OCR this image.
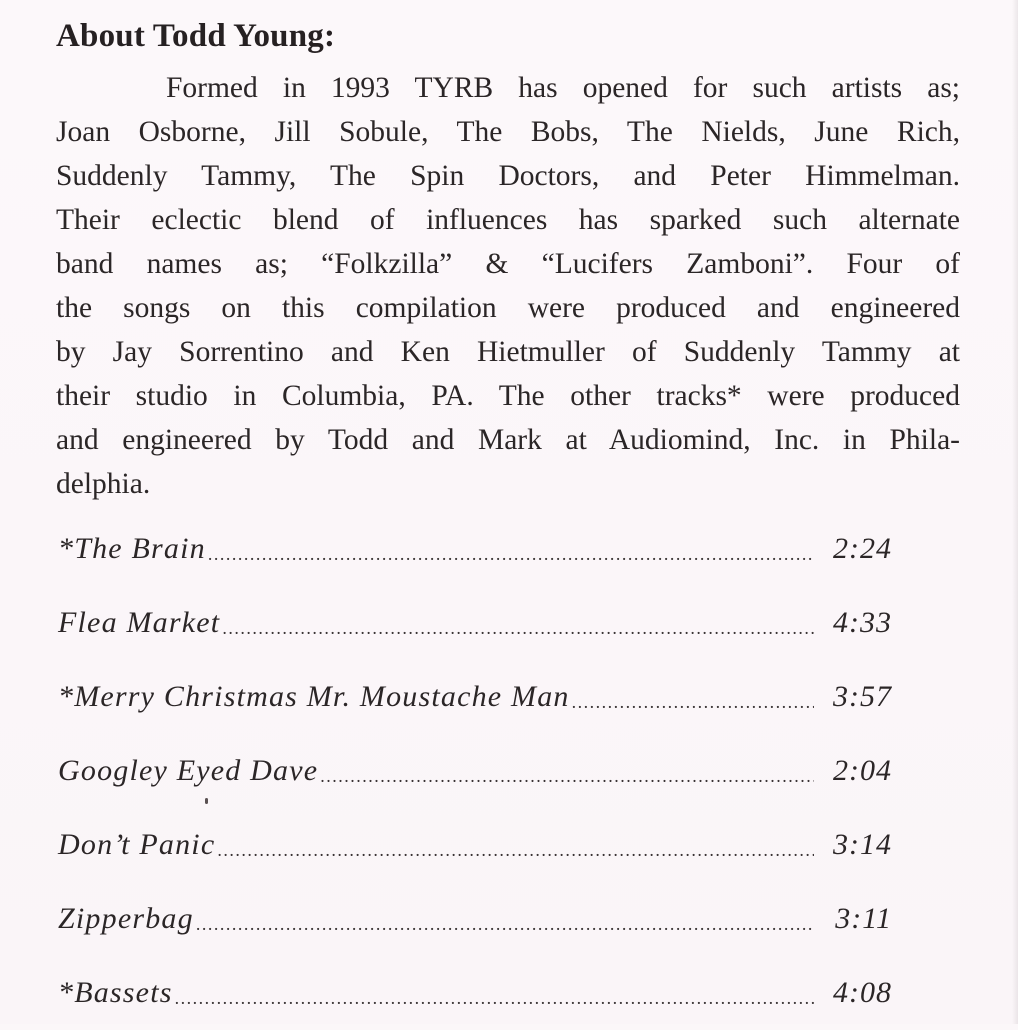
About Todd Young:
Formed in 1993 TYRB has opened for such artists as;
Joan Osborne, Jill Sobule, The Bobs, The Nields, June Rich,
Suddenly Tammy, The Spin Doctors, and Peter Himmelman.
Their eclectic blend of influences has sparked such alternate
band names as; “Folkzilla” & “Lucifers Zamboni”. Four of
the songs on this compilation were produced and engineered
by Jay Sorrentino and Ken Hietmuller of Suddenly Tammy at
their studio in Columbia, PA. The other tracks* were produced
and engineered by Todd and Mark at Audiomind, Inc. in Phila-
delphia.
*The Brain .....	2:24
Flea Market .....	4:33
*Merry Christmas Mr. Moustache Man .....	3:57
Googley Eyed Dave .....	2:04
Don’t Panic .....	3:14
Zipperbag .....	3:11
*Bassets .....	4:08
